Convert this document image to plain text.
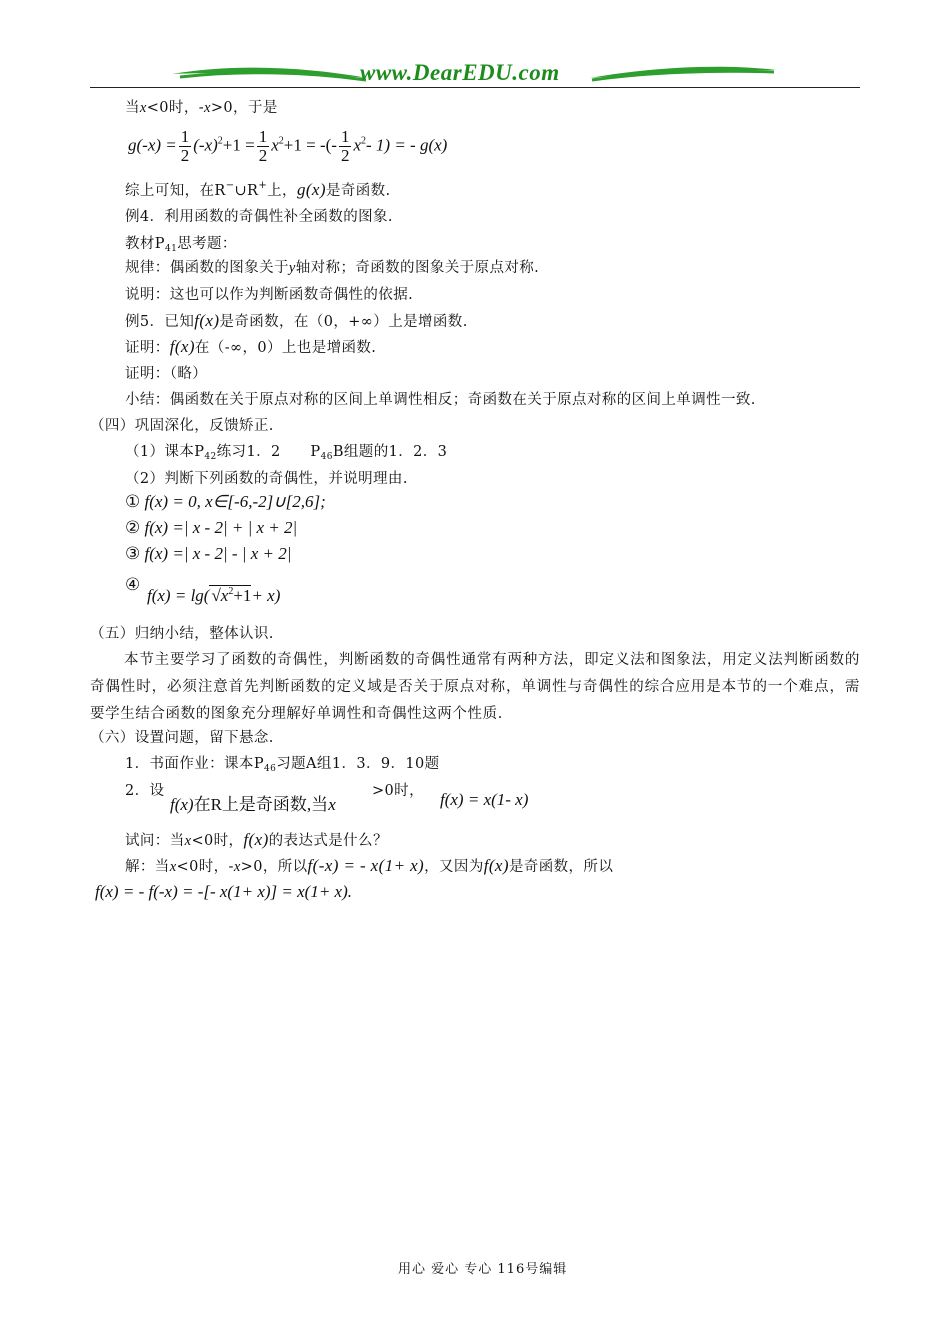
www.DearEDU.com
当x<0时，-x>0，于是
$g(-x) = \frac{1}{2} (-x)^2+1 = \frac{1}{2} x^2+1$ = -(- $\frac{1}{2} x^2-$ 1) = - g(x)
综上可知，在R−∪R+上，g(x)是奇函数.
例4．利用函数的奇偶性补全函数的图象.
教材$P_{41}$思考题：
规律：偶函数的图象关于y轴对称；奇函数的图象关于原点对称.
说明：这也可以作为判断函数奇偶性的依据.
例5．已知f(x)是奇函数，在（0，+∞）上是增函数.
证明：f(x)在（-∞，0）上也是增函数.
证明：（略）
小结：偶函数在关于原点对称的区间上单调性相反；奇函数在关于原点对称的区间上单调性一致.
（四）巩固深化，反馈矫正.
（1）课本$P_{42}$练习1．2　　$P_{46}B$组题的1．2．3
（2）判断下列函数的奇偶性，并说明理由.
① f(x) = 0, x∈[-6,-2]∪[2,6];
② f(x) =| x - 2| + | x + 2|
③ f(x) =| x - 2| - | x + 2|
④
f(x) = lg( $√x^2+1+ x$)
（五）归纳小结，整体认识.
本节主要学习了函数的奇偶性，判断函数的奇偶性通常有两种方法，即定义法和图象法，用定义法判断函数的奇偶性时，必须注意首先判断函数的定义域是否关于原点对称，单调性与奇偶性的综合应用是本节的一个难点，需要学生结合函数的图象充分理解好单调性和奇偶性这两个性质.
（六）设置问题，留下悬念.
1．书面作业：课本$P_{46}$习题A组1．3．9．10题
2．设
f(x)在R上是奇函数,当x
>0时， f(x) = x(1- x)
试问：当x<0时，f(x)的表达式是什么？
解：当x<0时，-x>0，所以f(-x) = - x(1+ x)，又因为f(x)是奇函数，所以
f(x) = - f(-x) = -[- x(1+ x)] = x(1+ x).
用心 爱心 专心 116号编辑
